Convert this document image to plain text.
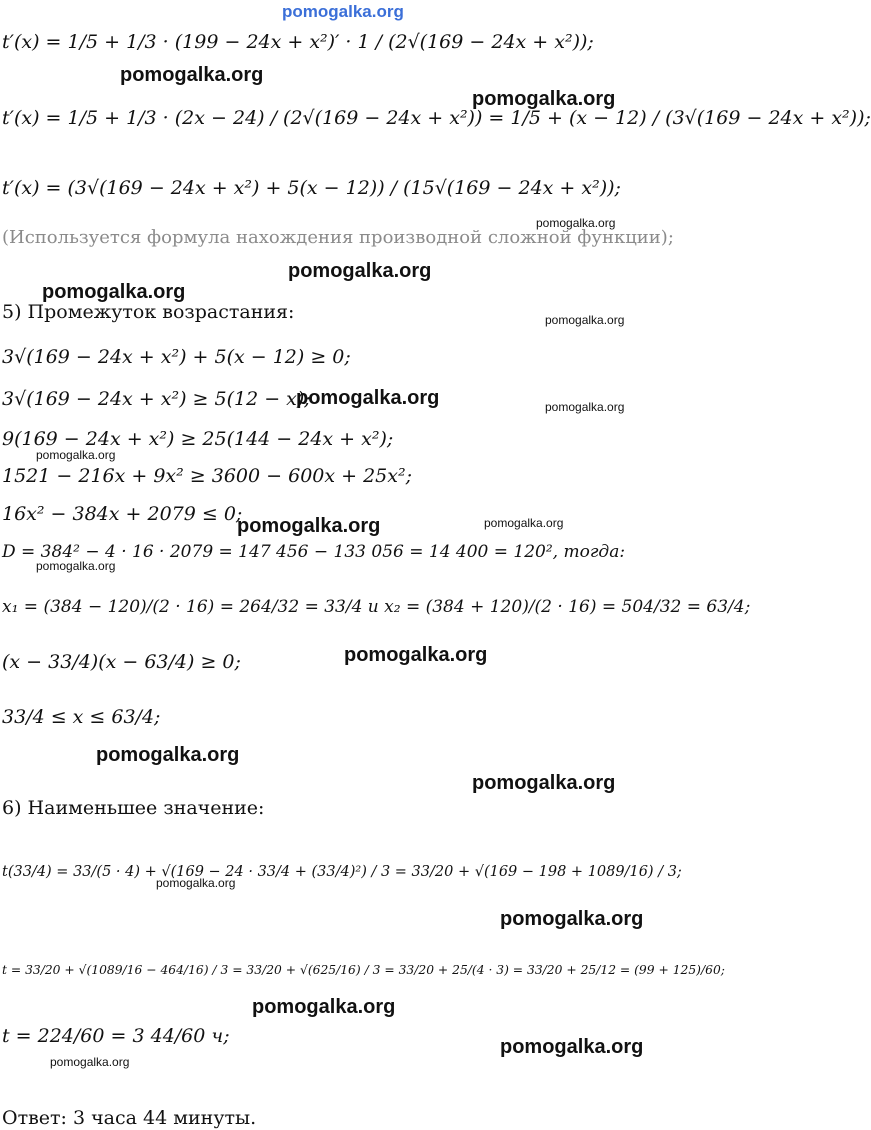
t′(x) = 1/5 + 1/3 · (199 − 24x + x²)′ · 1 / (2√(169 − 24x + x²));
t′(x) = 1/5 + 1/3 · (2x − 24) / (2√(169 − 24x + x²)) = 1/5 + (x − 12) / (3√(169 − 24x + x²));
t′(x) = (3√(169 − 24x + x²) + 5(x − 12)) / (15√(169 − 24x + x²));
(Используется формула нахождения производной сложной функции);
5) Промежуток возрастания:
3√(169 − 24x + x²) + 5(x − 12) ≥ 0;
3√(169 − 24x + x²) ≥ 5(12 − x);
9(169 − 24x + x²) ≥ 25(144 − 24x + x²);
1521 − 216x + 9x² ≥ 3600 − 600x + 25x²;
16x² − 384x + 2079 ≤ 0;
D = 384² − 4 · 16 · 2079 = 147 456 − 133 056 = 14 400 = 120², тогда:
x₁ = (384 − 120)/(2 · 16) = 264/32 = 33/4 и x₂ = (384 + 120)/(2 · 16) = 504/32 = 63/4;
(x − 33/4)(x − 63/4) ≥ 0;
33/4 ≤ x ≤ 63/4;
6) Наименьшее значение:
t(33/4) = 33/(5 · 4) + √(169 − 24 · 33/4 + (33/4)²) / 3 = 33/20 + √(169 − 198 + 1089/16) / 3;
t = 33/20 + √(1089/16 − 464/16) / 3 = 33/20 + √(625/16) / 3 = 33/20 + 25/(4 · 3) = 33/20 + 25/12 = (99 + 125)/60;
t = 224/60 = 3 44/60 ч;
Ответ: 3 часа 44 минуты.
pomogalka.org
pomogalka.org
pomogalka.org
pomogalka.org
pomogalka.org
pomogalka.org
pomogalka.org
pomogalka.org	pomogalka.org
pomogalka.org
pomogalka.org	pomogalka.org
pomogalka.org
pomogalka.org
pomogalka.org
pomogalka.org
pomogalka.org
pomogalka.org
pomogalka.org
pomogalka.org
pomogalka.org
